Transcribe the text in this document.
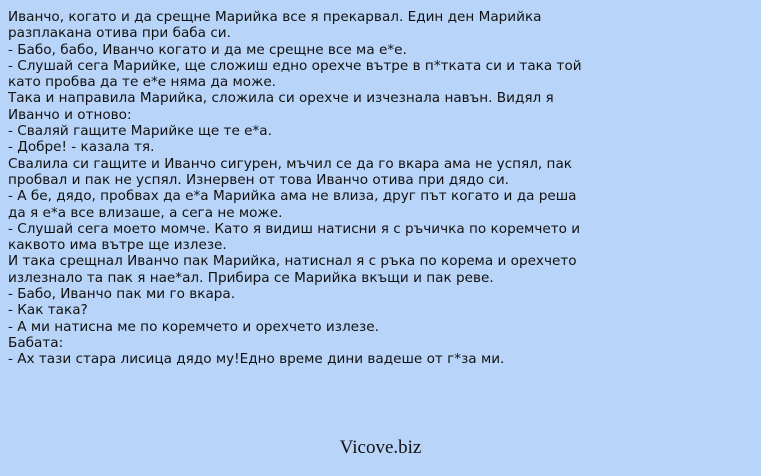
Иванчо, когато и да срещне Марийка все я прекарвал. Един ден Марийка
разплакана отива при баба си.
- Бабо, бабо, Иванчо когато и да ме срещне все ма е*е.
- Слушай сега Марийке, ще сложиш едно орехче вътре в п*тката си и така той
като пробва да те е*е няма да може.
Така и направила Марийка, сложила си орехче и изчезнала навън. Видял я
Иванчо и отново:
- Сваляй гащите Марийке ще те е*а.
- Добре! - казала тя.
Свалила си гащите и Иванчо сигурен, мъчил се да го вкара ама не успял, пак
пробвал и пак не успял. Изнервен от това Иванчо отива при дядо си.
- А бе, дядо, пробвах да е*а Марийка ама не влиза, друг път когато и да реша
да я е*а все влизаше, а сега не може.
- Слушай сега моето момче. Като я видиш натисни я с ръчичка по коремчето и
каквото има вътре ще излезе.
И така срещнал Иванчо пак Марийка, натиснал я с ръка по корема и орехчето
излезнало та пак я нае*ал. Прибира се Марийка вкъщи и пак реве.
- Бабо, Иванчо пак ми го вкара.
- Как така?
- А ми натисна ме по коремчето и орехчето излезе.
Бабата:
- Ах тази стара лисица дядо му!Едно време дини вадеше от г*за ми.
Vicove.biz
